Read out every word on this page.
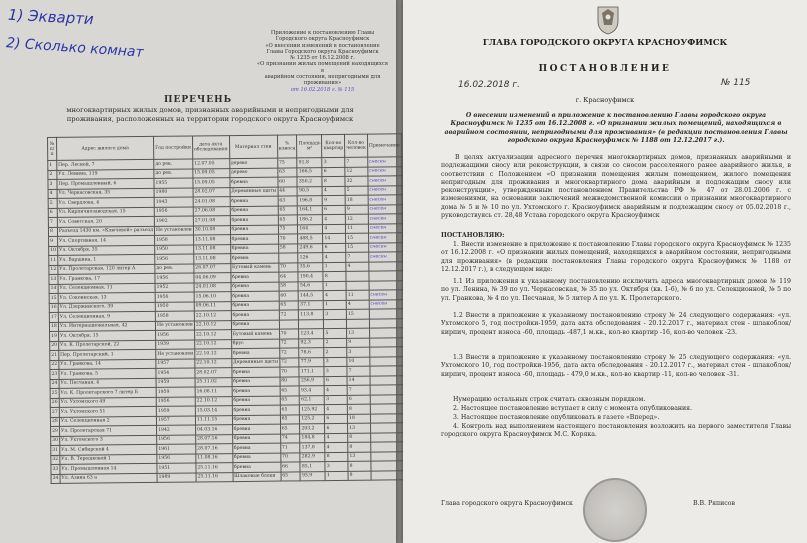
1) Экварти
2) Сколько комнат
Приложение к постановлению Главы
Городского округа Красноуфимск
«О внесении изменений в постановление
Главы Городского округа Красноуфимск
№ 1235 от 16.12.2008 г.
«О признании жилых помещений находящихся в
аварийном состоянии, непригодными для проживания»
от 16.02.2018 г. № 115
ПЕРЕЧЕНЬ
многоквартирных жилых домов, признанных аварийными и непригодными для проживания, расположенных на территории городского округа Красноуфимск
№ п/п	Адрес жилого дома	Год постройки	дата акта обследования	Материал стен	% износа	Площадь м²	Кол-во квартир	Кол-во человек	Примечание
1	Пер. Лесной, 7	до рев.	12.07.05	дерево	75	91,8	3	7	снесен
2	Ул. Ленина, 119	до рев.	15.09.05	дерево	63	166,5	6	12	снесен
3	Пер. Промышленный, 6	1955	15.09.05	бревна	60	350,2	8	32	снесен
4	Ул. Черкасовская, 35	1980	28.02.07	Деревянные щиты	44	90,5	4	5	снесен
5	Ул. Свердлова, 4	1943	24.01.08	бревна	63	196,8	9	18	снесен
6	Ул. Кирпичнозаводская, 15	1956	27.06.08	бревна	65	164,1	6	9	снесен
7	Ул. Советская, 20	1902	27.01.08	бревна	65	186,2	4	12	снесен
8	Разъезд 1430 км. «Ключевой» разъезд	Не установлен	30.10.08	бревна	75	164	4	11	снесен
9	Ул. Спортивная, 14	1958	13.11.08	бревна	70	488,5	14	15	снесен
10	Ул. Октября, 35	1950	13.11.08	бревна	58	249,6	6	15	снесен
11	Ул. Варшина, 1	1956	13.11.08	бревна		126	4	7	снесен
12	Ул. Пролетарская, 120 литер А	до рев.	26.07.07	Бутовый камень	70	35,6	1	4	
13	Ул. Гранкова, 17	1956	04.06.09	бревна	64	190,4	8		
14	Ул. Селекционная, 11	1952	24.01.08	бревна	58	54,6	1		
15	Ул. Сокоинская, 13	1956	15.06.10	бревна	60	144,5	4	11	снесен
16	Ул. Дзержинского, 39	1950	09.06.11	бревна	65	37,1	1	4	снесен
17	Ул. Селекционная, 9	1958	22.10.12	бревна	72	113,8	3	15	
18	Ул. Интернациональная, 42	Не установлен	22.10.12	бревна					
19	Ул. Октября, 15	1956	22.10.12	Бутовый камень	70	123,4	5	13	
20	Ул. К. Пролетарской, 22	1939	22.10.12	брус	72	92,3	2	9	
21	Пер. Пролетарский, 1	Не установлен	22.10.12	бревна	72	78,6	2	3	
22	Ул. Гранкова, 14	1957	22.10.12	Деревянные щиты	72	77,9	3	10	
23	Ул. Гранкова, 5	1954	28.02.07	бревна	70	171,1	3	7	
24	Ул. Песчаная, 4	1959	25.11.02	бревна	80	256,9	6	14	
25	Ул. К. Пролетарского 7 литер Б	1959	16.08.11	бревна	65	93,4	4	7	
26	Ул. Ухтомского 49	1956	22.10.12	бревна	65	62,1	3	6	
27	Ул. Ухтомского 51	1959	15.03.14	бревна	65	125,92	4	8	
28	Ул. Селекционная 2	1957	11.11.15	бревна	65	125,2	6	18	
29	Ул. Пролетарская 71	1942	04.03.16	бревна	65	203,2	6	13	
30	Ул. Ухтомского 3	1956	28.07.16	бревна	74	184,8	4	8	
31	Ул. М. Сибирской 4	1961	28.07.16	бревна	71	137,8	4	8	
32	Ул. В. Терешковой 1	1956	11.08.16	бревна	70	282,9	8	13	
33	Ул. Промышленная 14	1951	25.11.16	бревна	66	85,1	3	8	
34	Ул. Азина 63 а	1989	25.11.16	Шлаковые блоки	65	93,9	1	8	
ГЛАВА ГОРОДСКОГО ОКРУГА КРАСНОУФИМСК
ПОСТАНОВЛЕНИЕ
16.02.2018 г.	№ 115
г. Красноуфимск
О внесении изменений в приложение к постановлению Главы городского округа Красноуфимск № 1235 от 16.12.2008 г. «О признании жилых помещений, находящихся в аварийном состоянии, непригодными для проживания» (в редакции постановления Главы городского округа Красноуфимск № 1188 от 12.12.2017 г.).
В целях актуализации адресного перечня многоквартирных домов, признанных аварийными и подлежащими сносу или реконструкции, в связи со сносом расселенного ранее аварийного жилья, в соответствии с Положением «О признании помещения жилым помещением, жилого помещения непригодным для проживания и многоквартирного дома аварийным и подлежащим сносу или реконструкции», утвержденным постановлением Правительства РФ № 47 от 28.01.2006 г. с изменениями, на основании заключений межведомственной комиссии о признании многоквартирного дома № 5 и № 10 по ул. Ухтомского г. Красноуфимск аварийным и подлежащим сносу от 05.02.2018 г., руководствуясь ст. 28,48 Устава городского округа Красноуфимск
ПОСТАНОВЛЯЮ:
1. Внести изменение в приложение к постановлению Главы городского округа Красноуфимск № 1235 от 16.12.2008 г. «О признании жилых помещений, находящихся в аварийном состоянии, непригодными для проживания» (в редакции постановления Главы городского округа Красноуфимск № 1188 от 12.12.2017 г.), в следующем виде:
1.1 Из приложения к указанному постановлению исключить адреса многоквартирных домов № 119 по ул. Ленина, № 39 по ул. Черкасовская, № 35 по ул. Октября (кв. 1-6), № 6 по ул. Селекционной, № 5 по ул. Гранкова, № 4 по ул. Песчаная, № 5 литер А по ул. К. Пролетарского.
1.2 Внести в приложение к указанному постановлению строку № 24 следующего содержания: «ул. Ухтомского 5, год постройки-1959, дата акта обследования - 20.12.2017 г., материал стен - шлакоблок/кирпич, процент износа -60, площадь -487,1 м.кв., кол-во квартир -16, кол-во человек -23.
1.3 Внести в приложение к указанному постановлению строку № 25 следующего содержания: «ул. Ухтомского 10, год постройки-1956, дата акта обследования - 20.12.2017 г., материал стен - шлакоблок/кирпич, процент износа -60, площадь - 479,0 м.кв., кол-во квартир -11, кол-во человек -31.
Нумерацию остальных строк считать сквозным порядком.
2. Настоящее постановление вступает в силу с момента опубликования.
3. Настоящее постановление опубликовать в газете «Вперед».
4. Контроль над выполнением настоящего постановления возложить на первого заместителя Главы городского округа Красноуфимск М.С. Коряка.
Глава городского округа Красноуфимск	В.В. Ряписов
